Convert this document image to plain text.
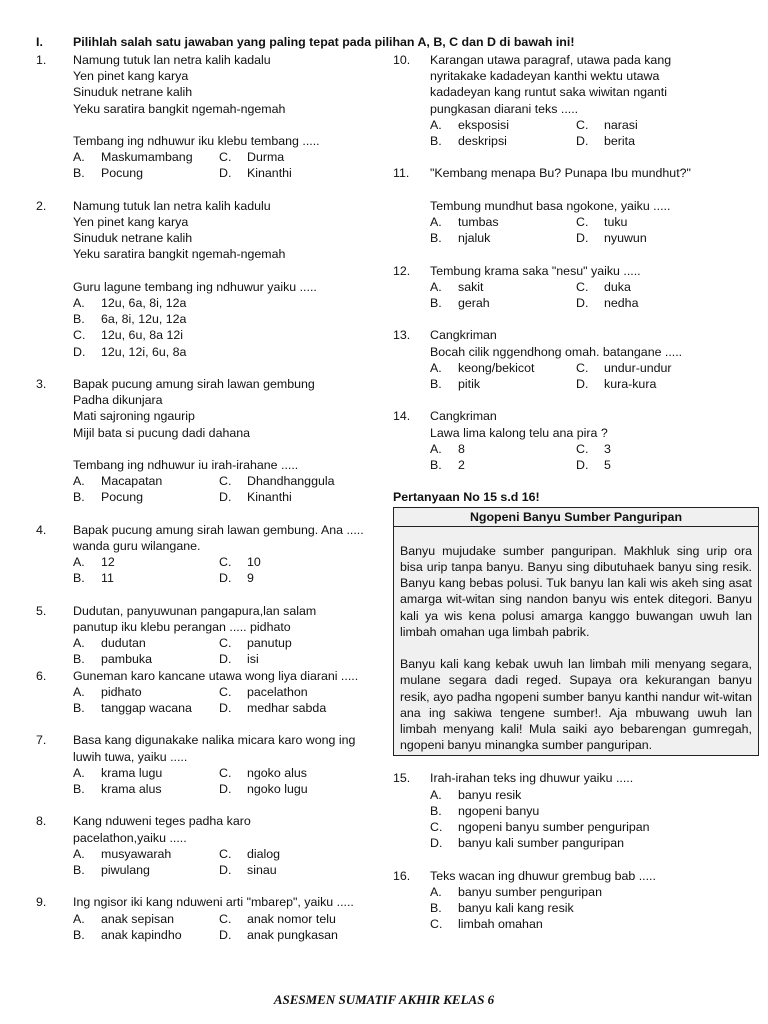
I. Pilihlah salah satu jawaban yang paling tepat pada pilihan A, B, C dan D di bawah ini!
1. Namung tutuk lan netra kalih kadalu
Yen pinet kang karya
Sinuduk netrane kalih
Yeku saratira bangkit ngemah-ngemah
Tembang ing ndhuwur iku klebu tembang .....
A.	Maskumambang C.	Durma
B.	Pocung	D.	Kinanthi
2. Namung tutuk lan netra kalih kadulu
Yen pinet kang karya
Sinuduk netrane kalih
Yeku saratira bangkit ngemah-ngemah
Guru lagune tembang ing ndhuwur yaiku .....
A.	12u, 6a, 8i, 12a
B.	6a, 8i, 12u, 12a
C.	12u, 6u, 8a 12i
D.	12u, 12i, 6u, 8a
3. Bapak pucung amung sirah lawan gembung
Padha dikunjara
Mati sajroning ngaurip
Mijil bata si pucung dadi dahana
Tembang ing ndhuwur iu irah-irahane .....
A.	Macapatan	C.	Dhandhanggula
B.	Pocung	D.	Kinanthi
4. Bapak pucung amung sirah lawan gembung. Ana .....
wanda guru wilangane.
A.	12	C.	10
B.	11	D.	9
5. Dudutan, panyuwunan pangapura,lan salam
panutup iku klebu perangan ..... pidhato
A.	dudutan	C.	panutup
B.	pambuka	D.	isi
6. Guneman karo kancane utawa wong liya diarani .....
A.	pidhato	C.	pacelathon
B.	tanggap wacana D.	medhar sabda
7. Basa kang digunakake nalika micara karo wong ing
luwih tuwa, yaiku .....
A.	krama lugu	C.	ngoko alus
B.	krama alus	D.	ngoko lugu
8. Kang nduweni teges padha karo
pacelathon,yaiku .....
A.	musyawarah	C.	dialog
B.	piwulang	D.	sinau
9. Ing ngisor iki kang nduweni arti "mbarep", yaiku .....
A.	anak sepisan	C.	anak nomor telu
B.	anak kapindho	D.	anak pungkasan
10. Karangan utawa paragraf, utawa pada kang
nyritakake kadadeyan kanthi wektu utawa
kadadeyan kang runtut saka wiwitan nganti
pungkasan diarani teks .....
A.	eksposisi	C.	narasi
B.	deskripsi	D.	berita
11. "Kembang menapa Bu? Punapa Ibu mundhut?"
Tembung mundhut basa ngokone, yaiku .....
A.	tumbas	C.	tuku
B.	njaluk	D.	nyuwun
12. Tembung krama saka "nesu" yaiku .....
A.	sakit	C.	duka
B.	gerah	D.	nedha
13. Cangkriman
Bocah cilik nggendhong omah. batangane .....
A.	keong/bekicot	C.	undur-undur
B.	pitik	D.	kura-kura
14. Cangkriman
Lawa lima kalong telu ana pira ?
A.	8	C.	3
B.	2	D.	5
Pertanyaan No 15 s.d 16!
Ngopeni Banyu Sumber Panguripan

Banyu mujudake sumber panguripan. Makhluk sing urip ora bisa urip tanpa banyu. Banyu sing dibutuhaek banyu sing resik. Banyu kang bebas polusi. Tuk banyu lan kali wis akeh sing asat amarga wit-witan sing nandon banyu wis entek ditegori. Banyu kali ya wis kena polusi amarga kanggo buwangan uwuh lan limbah omahan uga limbah pabrik.

Banyu kali kang kebak uwuh lan limbah mili menyang segara, mulane segara dadi reged. Supaya ora kekurangan banyu resik, ayo padha ngopeni sumber banyu kanthi nandur wit-witan ana ing sakiwa tengene sumber!. Aja mbuwang uwuh lan limbah menyang kali! Mula saiki ayo bebarengan gumregah, ngopeni banyu minangka sumber panguripan.

15. Irah-irahan teks ing dhuwur yaiku .....
A.	banyu resik
B.	ngopeni banyu
C.	ngopeni banyu sumber penguripan
D.	banyu kali sumber panguripan
16. Teks wacan ing dhuwur grembug bab .....
A.	banyu sumber penguripan
B.	banyu kali kang resik
C.	limbah omahan
ASESMEN SUMATIF AKHIR KELAS 6
